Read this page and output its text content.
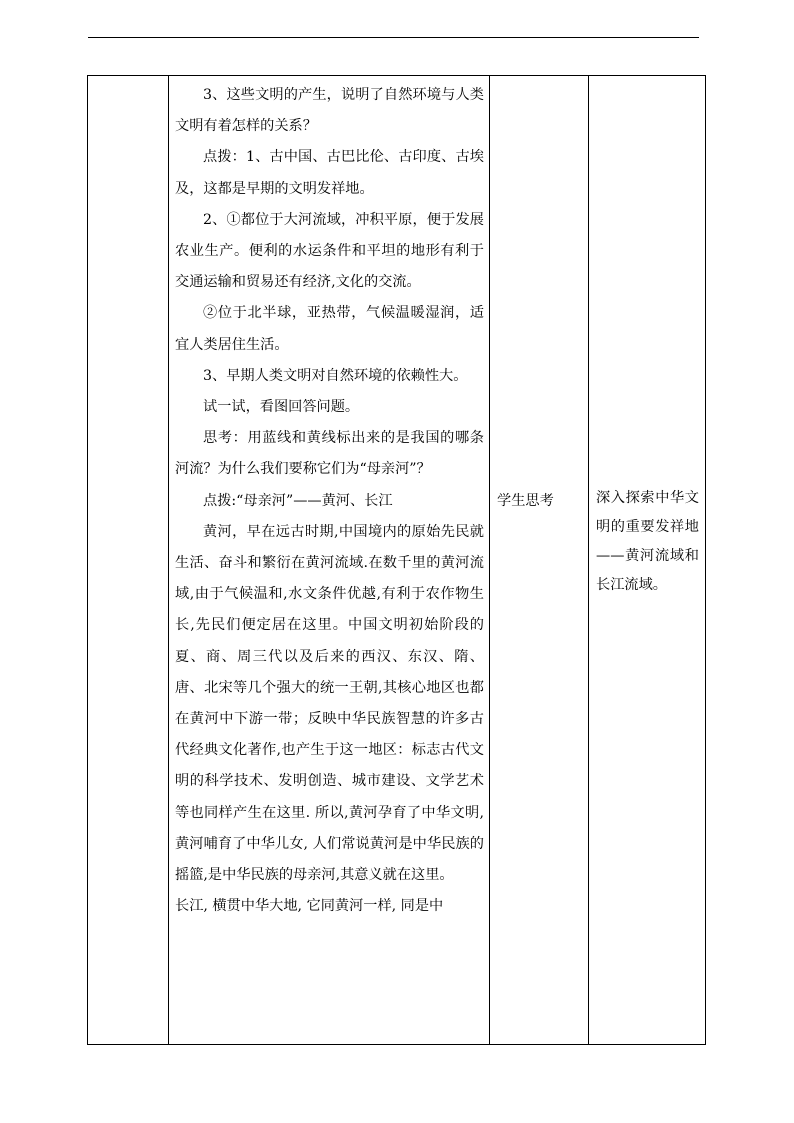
3、这些文明的产生，说明了自然环境与人类文明有着怎样的关系？

点拨：1、古中国、古巴比伦、古印度、古埃及，这都是早期的文明发祥地。

2、①都位于大河流域，冲积平原，便于发展农业生产。便利的水运条件和平坦的地形有利于交通运输和贸易还有经济,文化的交流。

②位于北半球，亚热带，气候温暖湿润，适宜人类居住生活。

3、早期人类文明对自然环境的依赖性大。

试一试，看图回答问题。

思考：用蓝线和黄线标出来的是我国的哪条河流？为什么我们要称它们为“母亲河”？

点拨:“母亲河”——黄河、长江

黄河，早在远古时期,中国境内的原始先民就生活、奋斗和繁衍在黄河流域.在数千里的黄河流域,由于气候温和,水文条件优越,有利于农作物生长,先民们便定居在这里。中国文明初始阶段的夏、商、周三代以及后来的西汉、东汉、隋、唐、北宋等几个强大的统一王朝,其核心地区也都在黄河中下游一带；反映中华民族智慧的许多古代经典文化著作,也产生于这一地区：标志古代文明的科学技术、发明创造、城市建设、文学艺术等也同样产生在这里. 所以,黄河孕育了中华文明,黄河哺育了中华儿女, 人们常说黄河是中华民族的摇篮,是中华民族的母亲河,其意义就在这里。

长江, 横贯中华大地, 它同黄河一样, 同是中

学生思考	深入探索中华文明的重要发祥地——黄河流域和长江流域。
